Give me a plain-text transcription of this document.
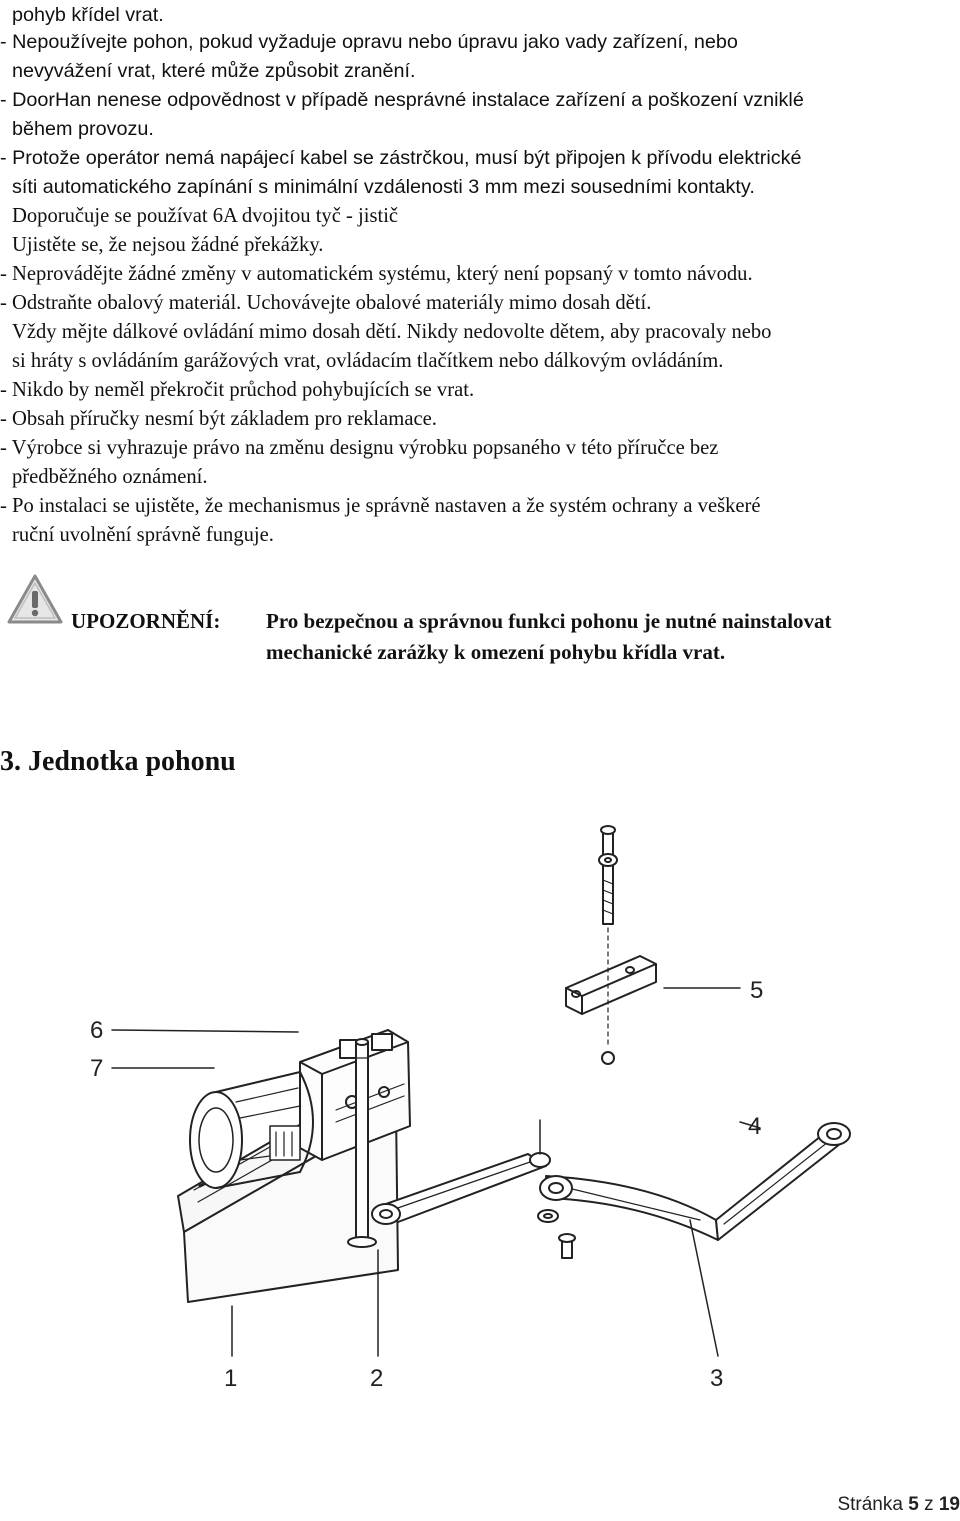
pohyb křídel vrat.
- Nepoužívejte pohon, pokud vyžaduje opravu nebo úpravu jako vady zařízení, nebo
nevyvážení vrat, které může způsobit zranění.
- DoorHan nenese odpovědnost v případě nesprávné instalace zařízení a poškození vzniklé
během provozu.
- Protože operátor nemá napájecí kabel se zástrčkou, musí být připojen k přívodu elektrické
síti automatického zapínání s minimální vzdálenosti 3 mm mezi sousedními kontakty.
Doporučuje se používat 6A dvojitou tyč - jistič
Ujistěte se, že nejsou žádné překážky.
- Neprovádějte žádné změny v automatickém systému, který není popsaný v tomto návodu.
- Odstraňte obalový materiál. Uchovávejte obalové materiály mimo dosah dětí.
Vždy mějte dálkové ovládání mimo dosah dětí. Nikdy nedovolte dětem, aby pracovaly nebo
si hráty s ovládáním garážových vrat, ovládacím tlačítkem nebo dálkovým ovládáním.
- Nikdo by neměl překročit průchod pohybujících se vrat.
- Obsah příručky nesmí být základem pro reklamace.
- Výrobce si vyhrazuje právo na změnu designu výrobku popsaného v této příručce bez
předběžného oznámení.
- Po instalaci se ujistěte, že mechanismus je správně nastaven a že systém ochrany a veškeré
ruční uvolnění správně funguje.
UPOZORNĚNÍ: Pro bezpečnou a správnou funkci pohonu je nutné nainstalovat
mechanické zarážky k omezení pohybu křídla vrat.
3. Jednotka pohonu
1	2	3
4
5
6
7
Stránka 5 z 19
